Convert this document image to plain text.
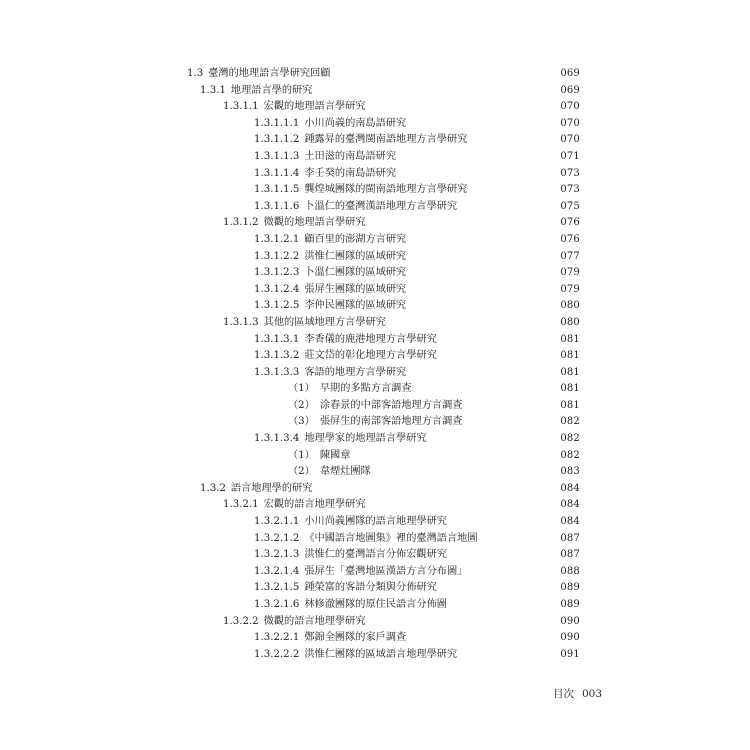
1.3 臺灣的地理語言學研究回顧	069
1.3.1 地理語言學的研究	069
1.3.1.1 宏觀的地理語言學研究	070
1.3.1.1.1 小川尚義的南島語研究	070
1.3.1.1.2 鍾露昇的臺灣閩南語地理方言學研究	070
1.3.1.1.3 土田滋的南島語研究	071
1.3.1.1.4 李壬癸的南島語研究	073
1.3.1.1.5 龔煌城團隊的閩南語地理方言學研究	073
1.3.1.1.6 卜溫仁的臺灣漢語地理方言學研究	075
1.3.1.2 微觀的地理語言學研究	076
1.3.1.2.1 顧百里的澎湖方言研究	076
1.3.1.2.2 洪惟仁團隊的區域研究	077
1.3.1.2.3 卜溫仁團隊的區域研究	079
1.3.1.2.4 張屏生團隊的區域研究	079
1.3.1.2.5 李仲民團隊的區域研究	080
1.3.1.3 其他的區域地理方言學研究	080
1.3.1.3.1 李香儀的鹿港地理方言學研究	081
1.3.1.3.2 莊文岱的彰化地理方言學研究	081
1.3.1.3.3 客語的地理方言學研究	081
（1） 早期的多點方言調查	081
（2） 涂春景的中部客語地理方言調查	081
（3） 張屏生的南部客語地理方言調查	082
1.3.1.3.4 地理學家的地理語言學研究	082
（1） 陳國章	082
（2） 韋煙灶團隊	083
1.3.2 語言地理學的研究	084
1.3.2.1 宏觀的語言地理學研究	084
1.3.2.1.1 小川尚義團隊的語言地理學研究	084
1.3.2.1.2 《中國語言地圖集》裡的臺灣語言地圖	087
1.3.2.1.3 洪惟仁的臺灣語言分佈宏觀研究	087
1.3.2.1.4 張屏生「臺灣地區漢語方言分布圖」	088
1.3.2.1.5 鍾榮富的客語分類與分佈研究	089
1.3.2.1.6 林修澈團隊的原住民語言分佈圖	089
1.3.2.2 微觀的語言地理學研究	090
1.3.2.2.1 鄭錦全團隊的家戶調查	090
1.3.2.2.2 洪惟仁團隊的區域語言地理學研究	091
目次 003
